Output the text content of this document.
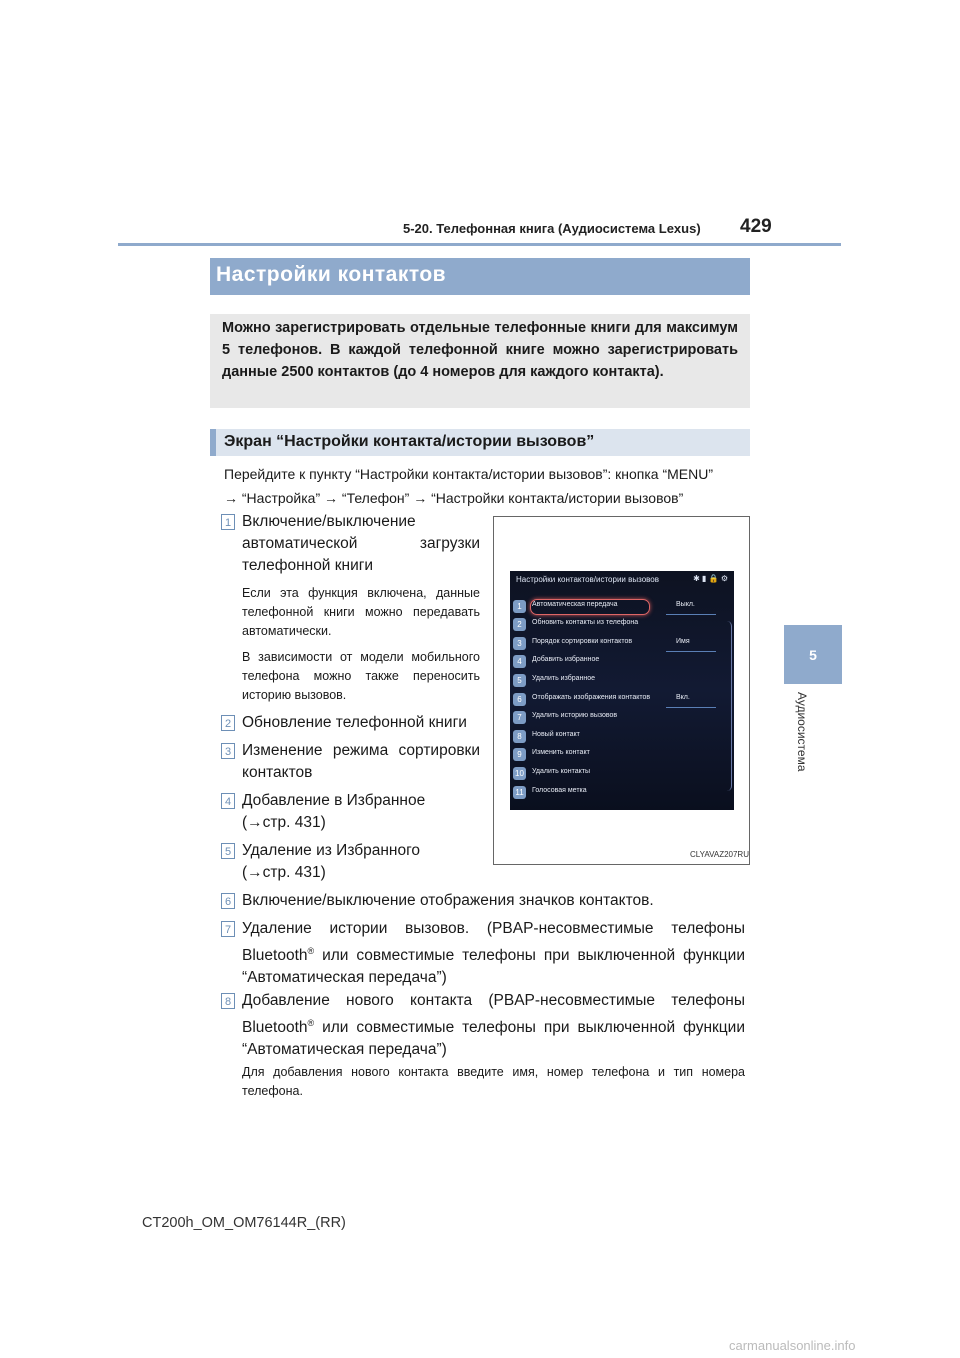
5-20. Телефонная книга (Аудиосистема Lexus) 429
5
Аудиосистема
Настройки контактов
Можно зарегистрировать отдельные телефонные книги для максимум 5 телефонов. В каждой телефонной книге можно зарегистрировать данные 2500 контактов (до 4 номеров для каждого контакта).
Экран “Настройки контакта/истории вызовов”
Перейдите к пункту “Настройки контакта/истории вызовов”: кнопка “MENU”
→ “Настройка” → “Телефон” → “Настройки контакта/истории вызовов”
1 Включение/выключение автоматической загрузки телефонной книги
Если эта функция включена, данные телефонной книги можно передавать автоматически.
В зависимости от модели мобильного телефона можно также переносить историю вызовов.
2 Обновление телефонной книги
3 Изменение режима сортировки контактов
4 Добавление в Избранное
(→стр. 431)
5 Удаление из Избранного
(→стр. 431)
6 Включение/выключение отображения значков контактов.
7 Удаление истории вызовов. (PBAP-несовместимые телефоны Bluetooth® или совместимые телефоны при выключенной функции “Автоматическая передача”)
8 Добавление нового контакта (PBAP-несовместимые телефоны Bluetooth® или совместимые телефоны при выключенной функции “Автоматическая передача”)
Для добавления нового контакта введите имя, номер телефона и тип номера телефона.
Настройки контактов/истории вызовов	✱ ▮ 🔒 ⚙
1	Автоматическая передача	Выкл.
2	Обновить контакты из телефона
3	Порядок сортировки контактов	Имя
4	Добавить избранное
5	Удалить избранное
6	Отображать изображения контактов	Вкл.
7	Удалить историю вызовов
8	Новый контакт
9	Изменить контакт
10 Удалить контакты
11	Голосовая метка
CLYAVAZ207RU
CT200h_OM_OM76144R_(RR)
carmanualsonline.info
